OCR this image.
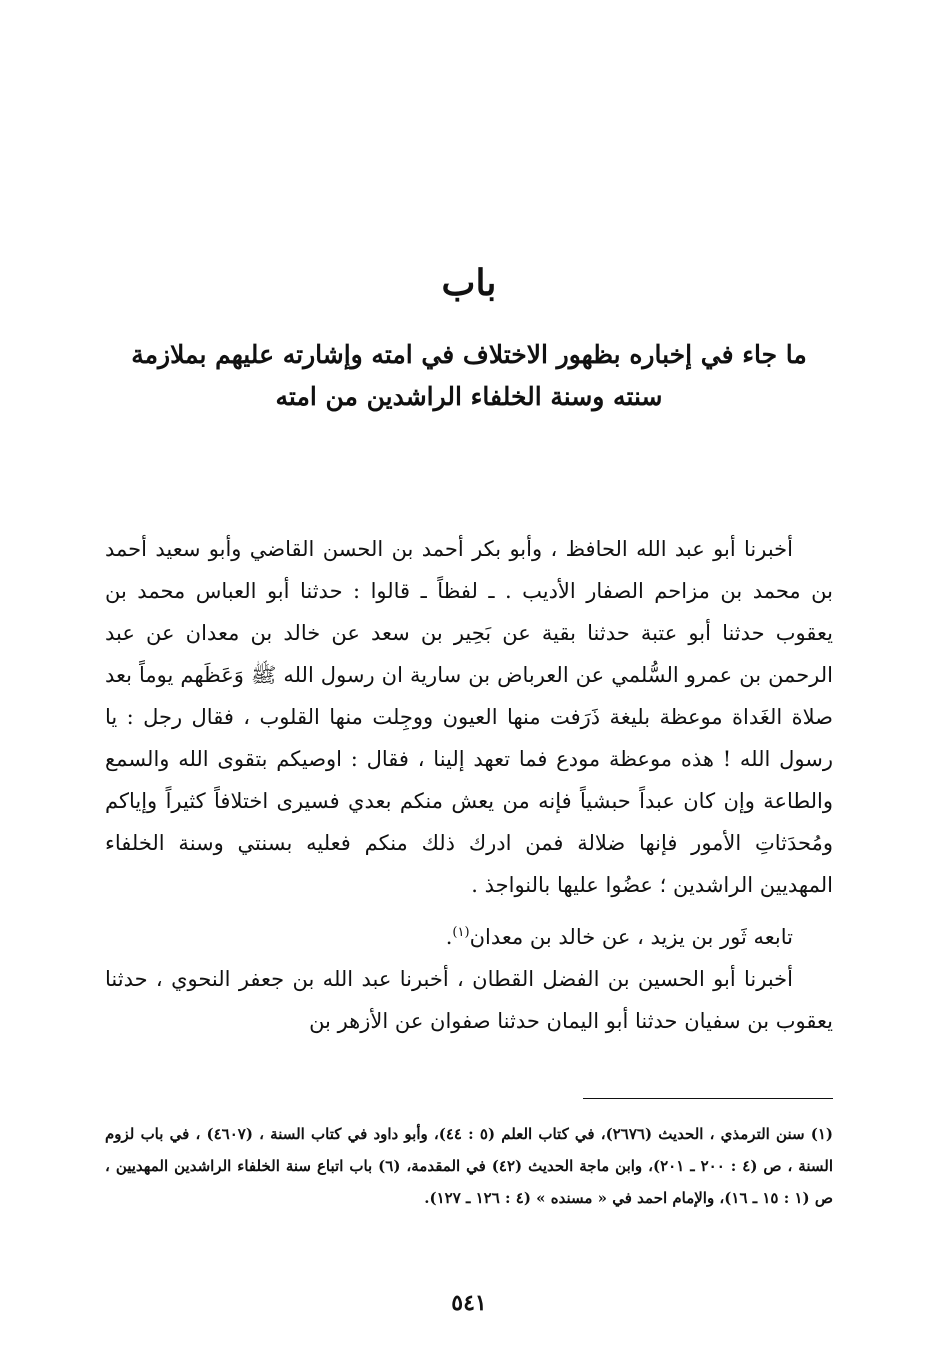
باب
ما جاء في إخباره بظهور الاختلاف في امته وإشارته عليهم بملازمة
سنته وسنة الخلفاء الراشدين من امته

أخبرنا أبو عبد الله الحافظ ، وأبو بكر أحمد بن الحسن القاضي وأبو سعيد أحمد بن محمد بن مزاحم الصفار الأديب . ـ لفظاً ـ قالوا : حدثنا أبو العباس محمد بن يعقوب حدثنا أبو عتبة حدثنا بقية عن بَحِير بن سعد عن خالد بن معدان عن عبد الرحمن بن عمرو السُّلمي عن العرباض بن سارية ان رسول الله ﷺ وَعَظَهم يوماً بعد صلاة الغَداة موعظة بليغة ذَرَفت منها العيون ووجِلت منها القلوب ، فقال رجل : يا رسول الله ! هذه موعظة مودع فما تعهد إلينا ، فقال : اوصيكم بتقوى الله والسمع والطاعة وإن كان عبداً حبشياً فإنه من يعش منكم بعدي فسيرى اختلافاً كثيراً وإياكم ومُحدَثاتِ الأمور فإنها ضلالة فمن ادرك ذلك منكم فعليه بسنتي وسنة الخلفاء المهديين الراشدين ؛ عضُوا عليها بالنواجذ .

تابعه ثَور بن يزيد ، عن خالد بن معدان$^{(١)}$.

أخبرنا أبو الحسين بن الفضل القطان ، أخبرنا عبد الله بن جعفر النحوي ، حدثنا يعقوب بن سفيان حدثنا أبو اليمان حدثنا صفوان عن الأزهر بن

(١) سنن الترمذي ، الحديث (٢٦٧٦)، في كتاب العلم (٥ : ٤٤)، وأبو داود في كتاب السنة ، (٤٦٠٧) ، في باب لزوم السنة ، ص (٤ : ٢٠٠ ـ ٢٠١)، وابن ماجة الحديث (٤٢) في المقدمة، (٦) باب اتباع سنة الخلفاء الراشدين المهديين ، ص (١ : ١٥ ـ ١٦)، والإمام احمد في « مسنده » (٤ : ١٢٦ ـ ١٢٧).

٥٤١
